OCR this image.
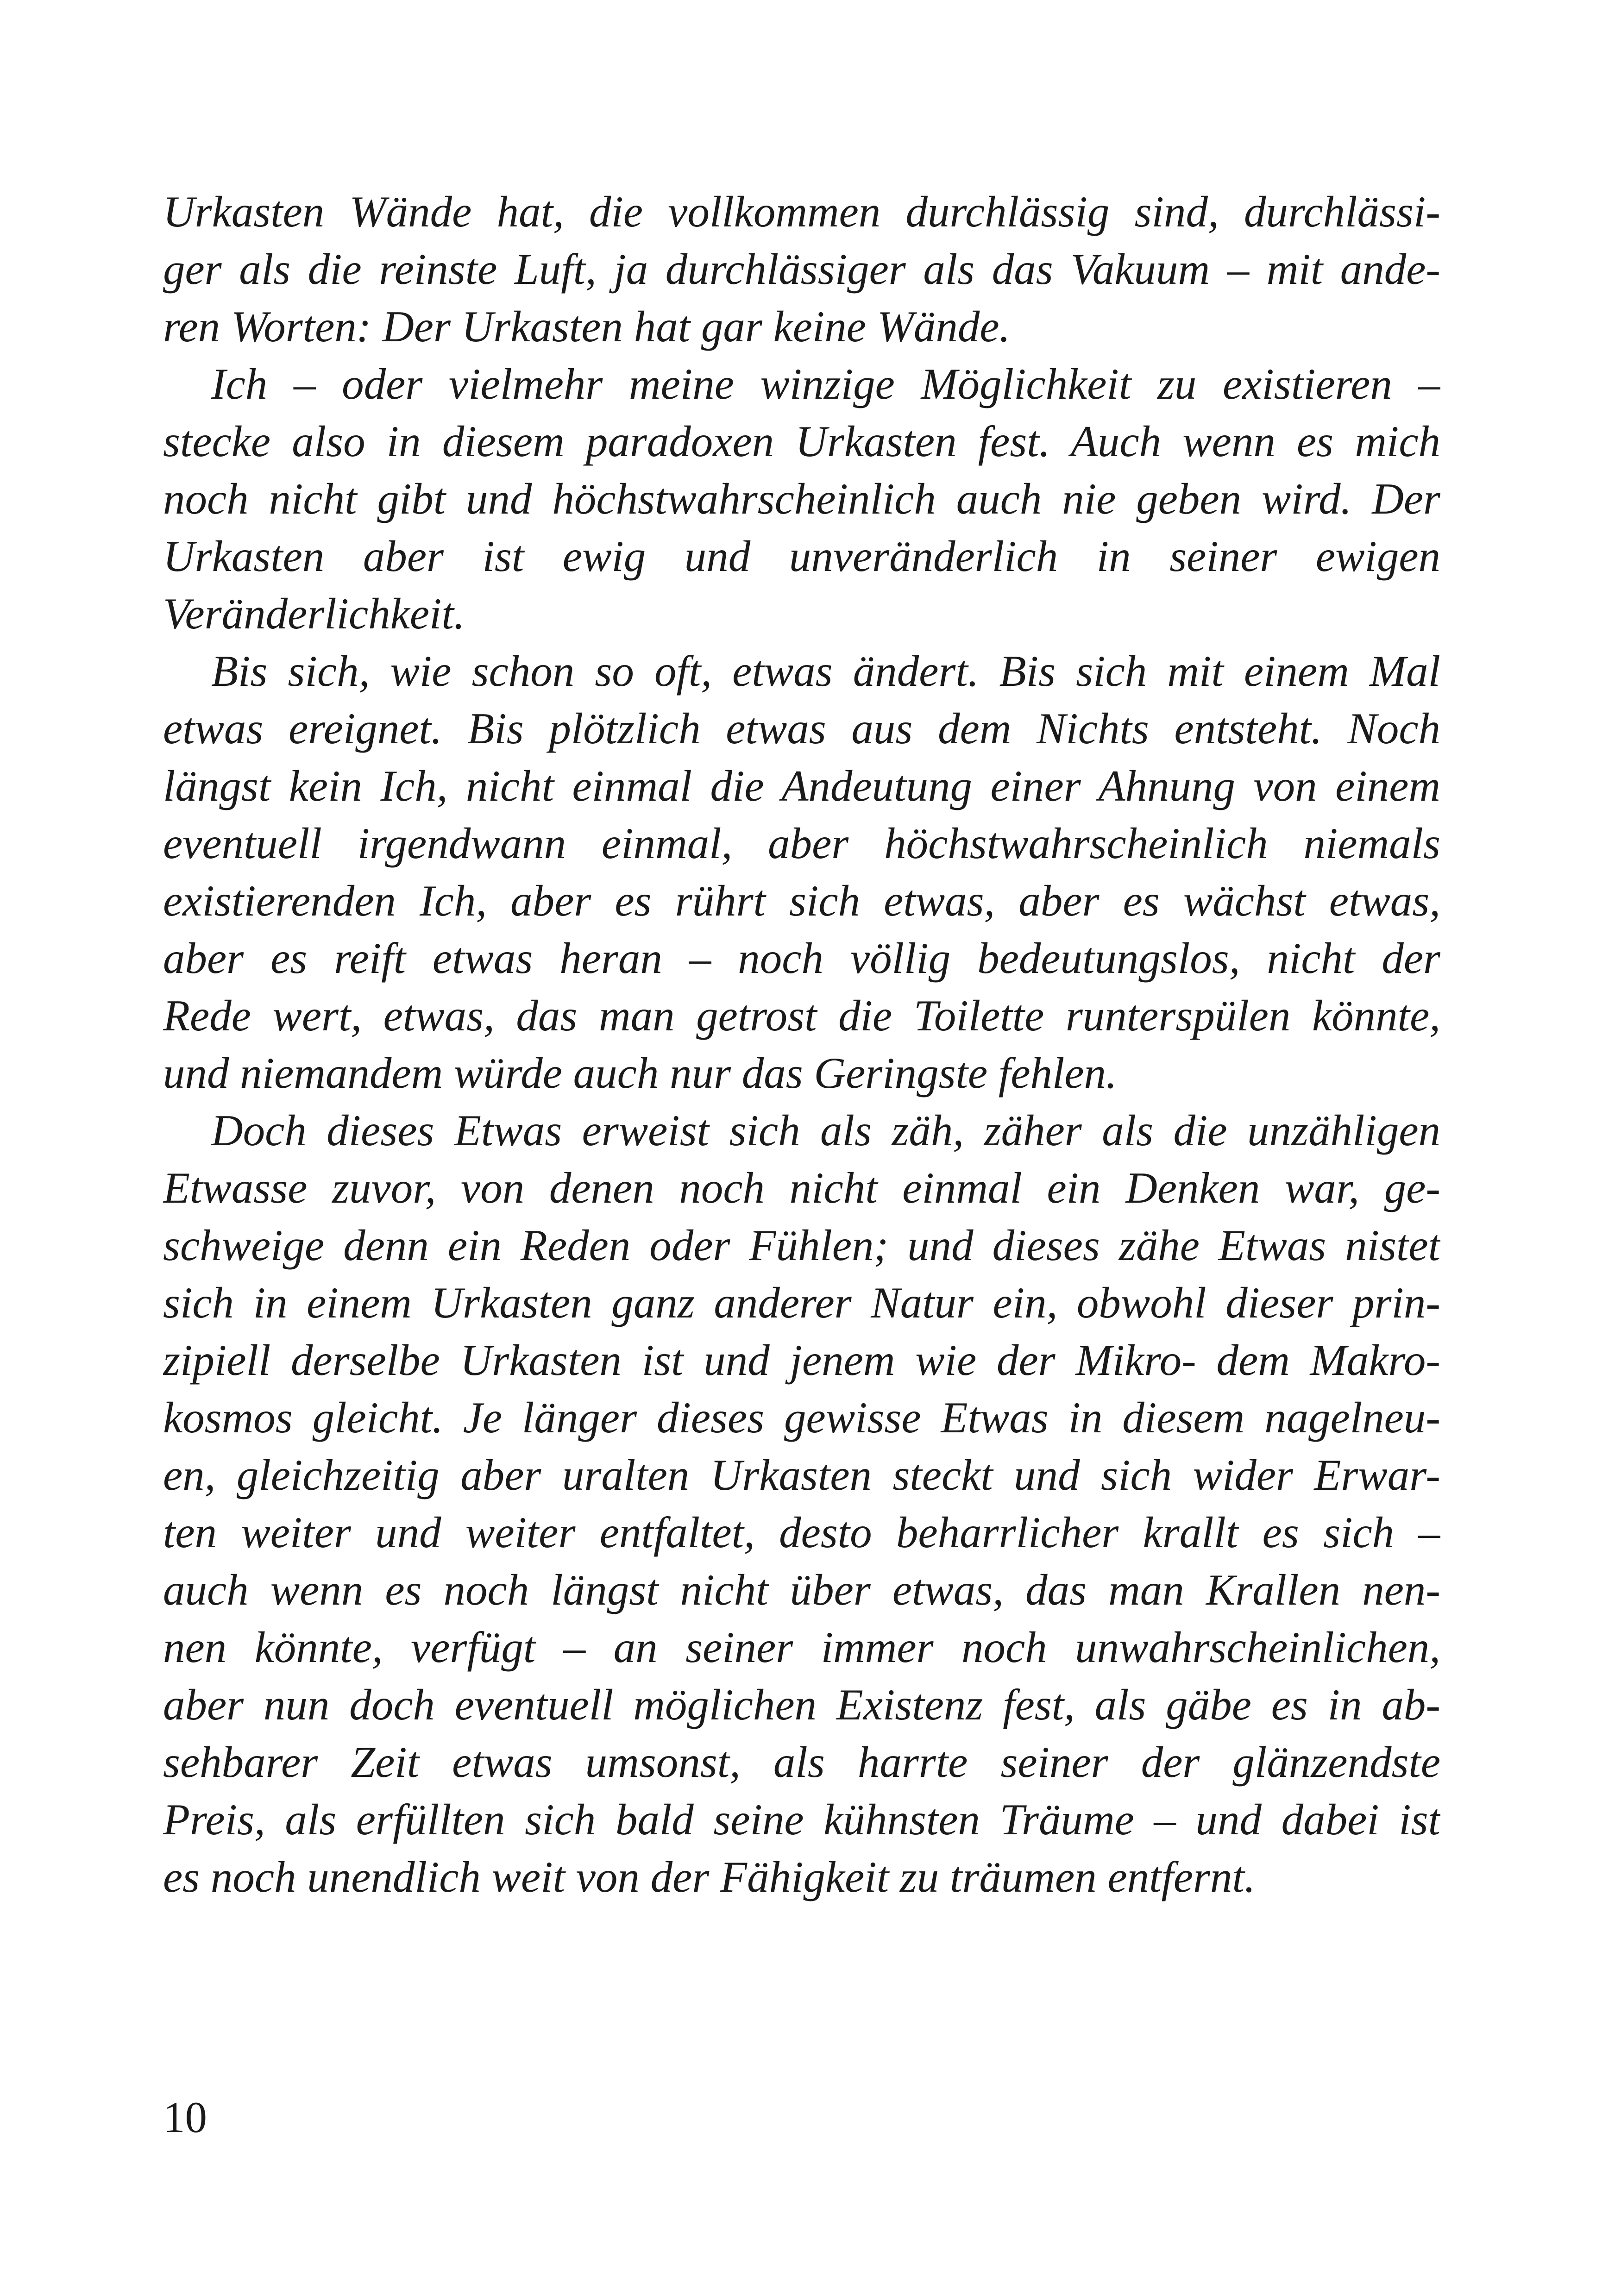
Urkasten Wände hat, die vollkommen durchlässig sind, durchlässi-
ger als die reinste Luft, ja durchlässiger als das Vakuum – mit ande-
ren Worten: Der Urkasten hat gar keine Wände.
Ich – oder vielmehr meine winzige Möglichkeit zu existieren –
stecke also in diesem paradoxen Urkasten fest. Auch wenn es mich
noch nicht gibt und höchstwahrscheinlich auch nie geben wird. Der
Urkasten aber ist ewig und unveränderlich in seiner ewigen
Veränderlichkeit.
Bis sich, wie schon so oft, etwas ändert. Bis sich mit einem Mal
etwas ereignet. Bis plötzlich etwas aus dem Nichts entsteht. Noch
längst kein Ich, nicht einmal die Andeutung einer Ahnung von einem
eventuell irgendwann einmal, aber höchstwahrscheinlich niemals
existierenden Ich, aber es rührt sich etwas, aber es wächst etwas,
aber es reift etwas heran – noch völlig bedeutungslos, nicht der
Rede wert, etwas, das man getrost die Toilette runterspülen könnte,
und niemandem würde auch nur das Geringste fehlen.
Doch dieses Etwas erweist sich als zäh, zäher als die unzähligen
Etwasse zuvor, von denen noch nicht einmal ein Denken war, ge-
schweige denn ein Reden oder Fühlen; und dieses zähe Etwas nistet
sich in einem Urkasten ganz anderer Natur ein, obwohl dieser prin-
zipiell derselbe Urkasten ist und jenem wie der Mikro- dem Makro-
kosmos gleicht. Je länger dieses gewisse Etwas in diesem nagelneu-
en, gleichzeitig aber uralten Urkasten steckt und sich wider Erwar-
ten weiter und weiter entfaltet, desto beharrlicher krallt es sich –
auch wenn es noch längst nicht über etwas, das man Krallen nen-
nen könnte, verfügt – an seiner immer noch unwahrscheinlichen,
aber nun doch eventuell möglichen Existenz fest, als gäbe es in ab-
sehbarer Zeit etwas umsonst, als harrte seiner der glänzendste
Preis, als erfüllten sich bald seine kühnsten Träume – und dabei ist
es noch unendlich weit von der Fähigkeit zu träumen entfernt.
10
